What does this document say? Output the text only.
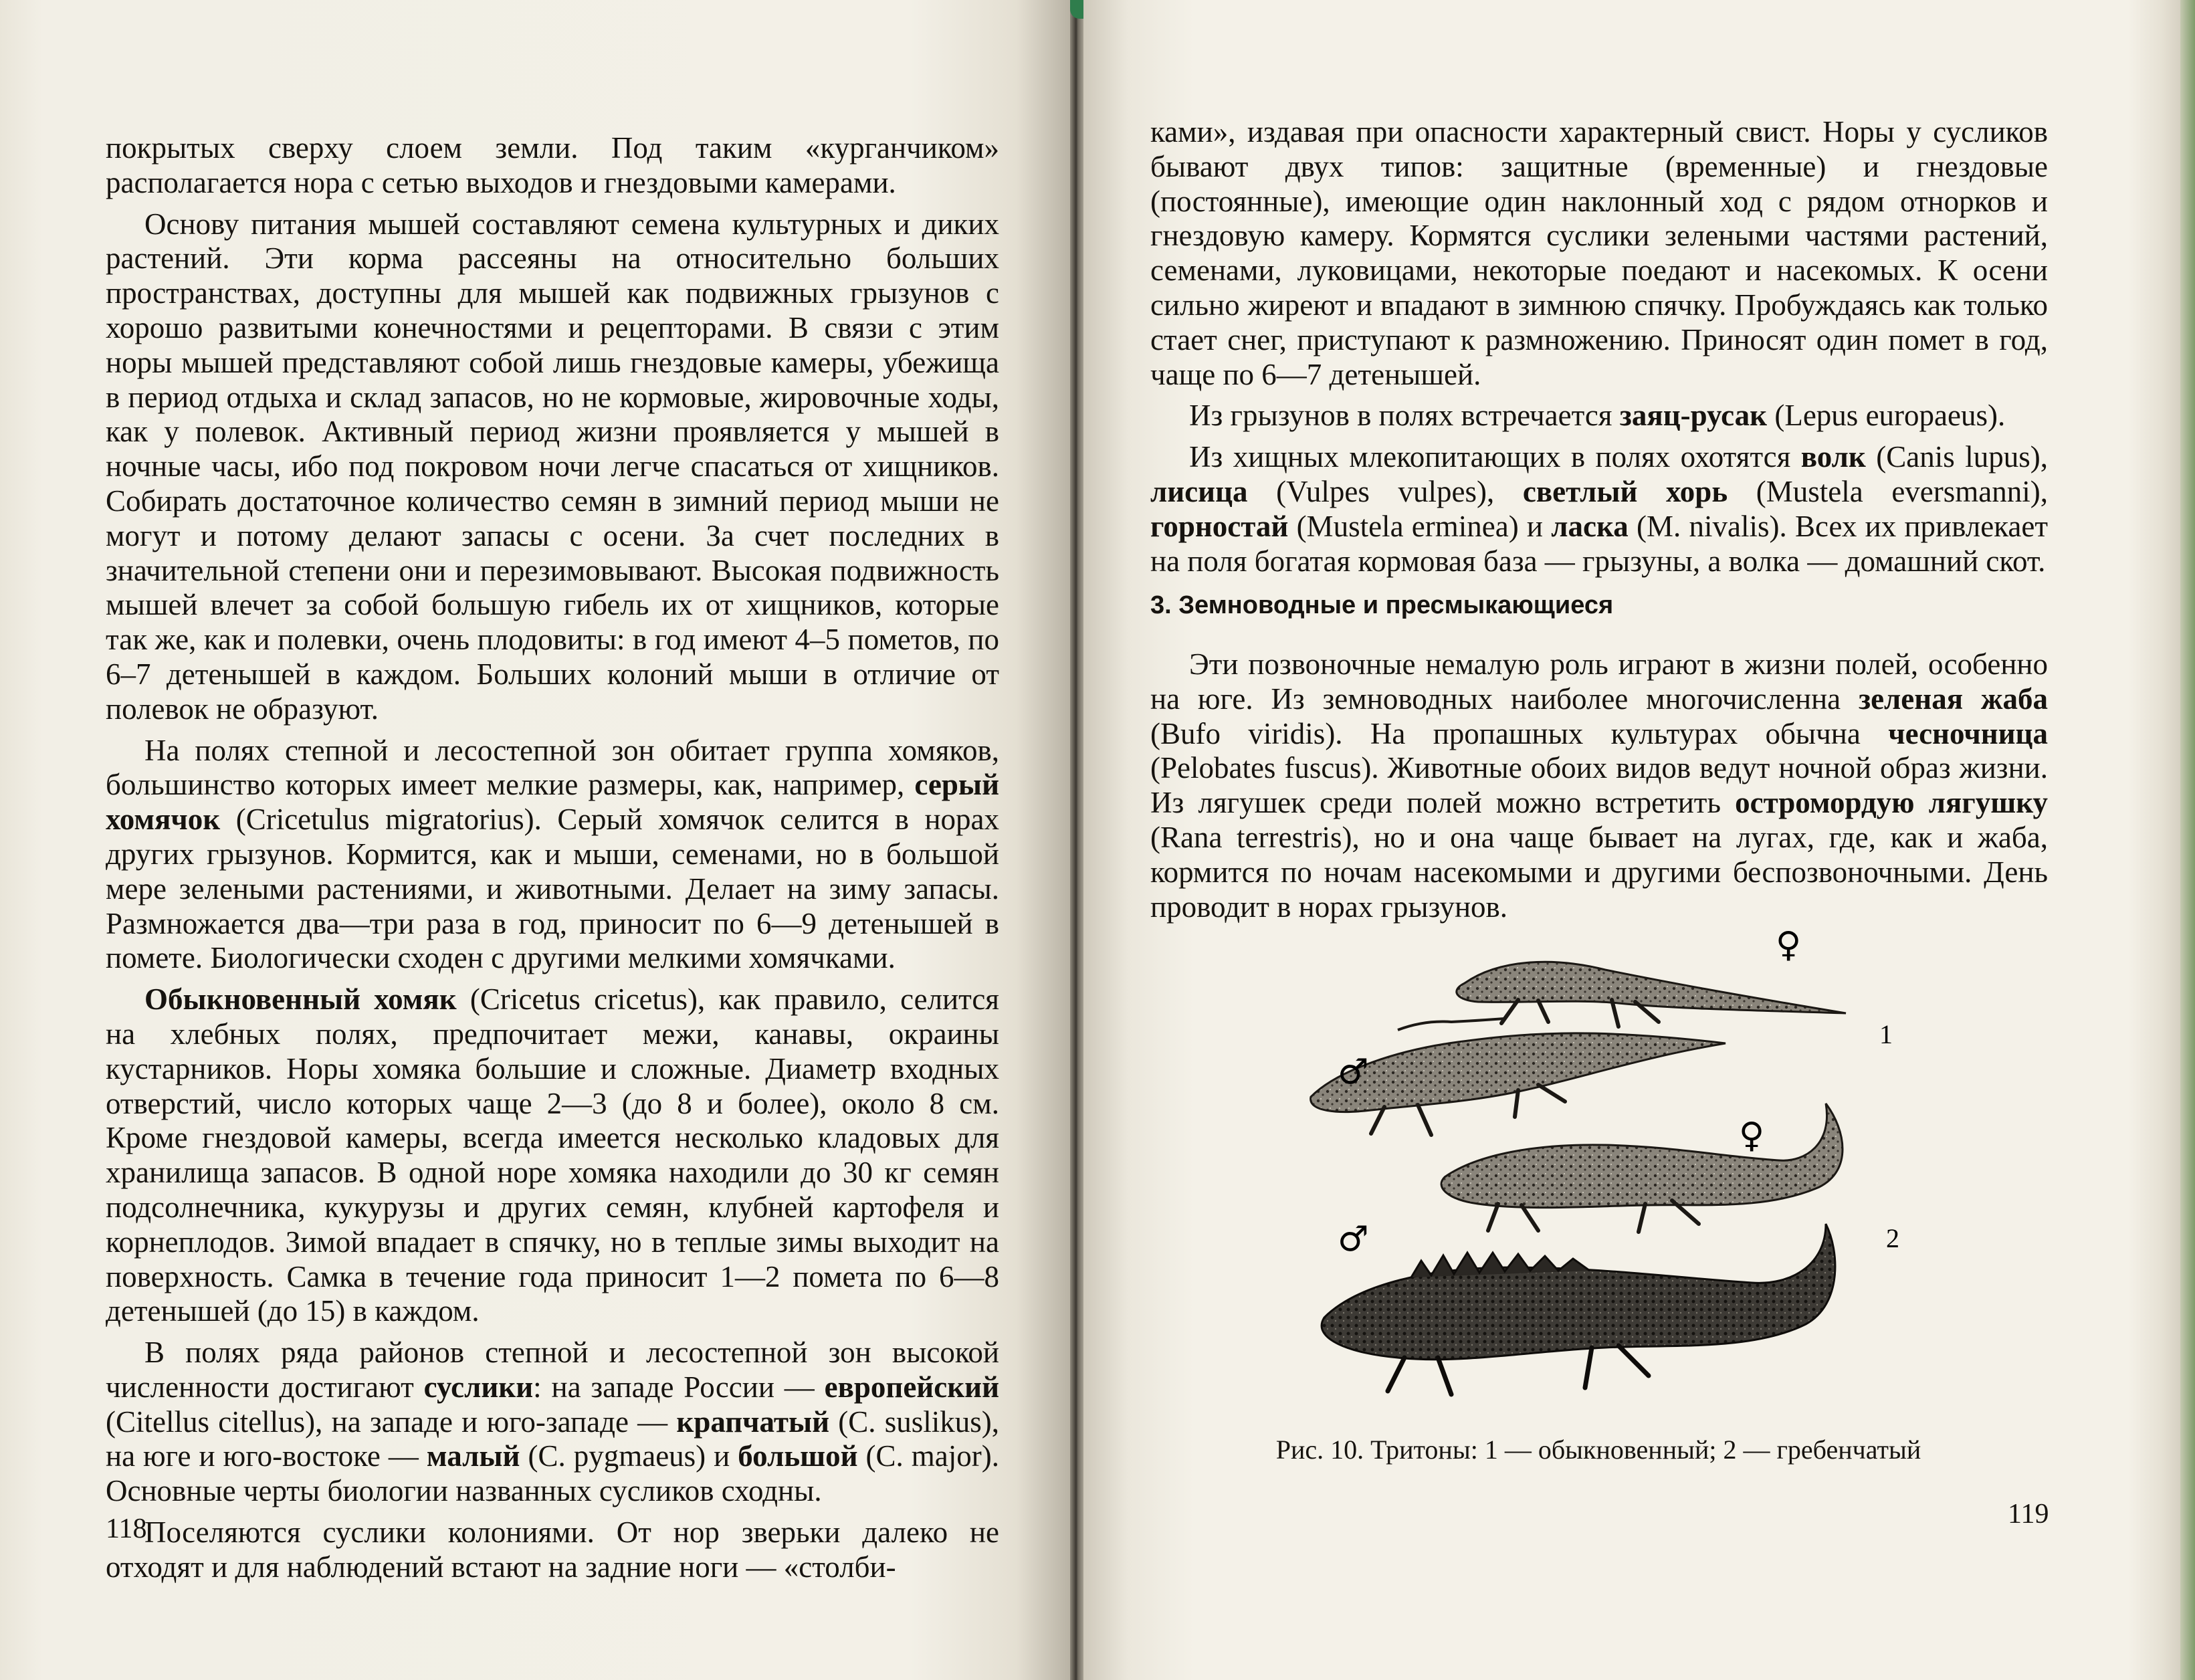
покрытых сверху слоем земли. Под таким «курганчиком» располагается нора с сетью выходов и гнездовыми камерами.

Основу питания мышей составляют семена культурных и диких растений. Эти корма рассеяны на относительно больших пространствах, доступны для мышей как подвижных грызунов с хорошо развитыми конечностями и рецепторами. В связи с этим норы мышей представляют собой лишь гнездовые камеры, убежища в период отдыха и склад запасов, но не кормовые, жировочные ходы, как у полевок. Активный период жизни проявляется у мышей в ночные часы, ибо под покровом ночи легче спасаться от хищников. Собирать достаточное количество семян в зимний период мыши не могут и потому делают запасы с осени. За счет последних в значительной степени они и перезимовывают. Высокая подвижность мышей влечет за собой большую гибель их от хищников, которые так же, как и полевки, очень плодовиты: в год имеют 4–5 пометов, по 6–7 детенышей в каждом. Больших колоний мыши в отличие от полевок не образуют.

На полях степной и лесостепной зон обитает группа хомяков, большинство которых имеет мелкие размеры, как, например, серый хомячок (Cricetulus migratorius). Серый хомячок селится в норах других грызунов. Кормится, как и мыши, семенами, но в большой мере зелеными растениями, и животными. Делает на зиму запасы. Размножается два—три раза в год, приносит по 6—9 детенышей в помете. Биологически сходен с другими мелкими хомячками.

Обыкновенный хомяк (Cricetus cricetus), как правило, селится на хлебных полях, предпочитает межи, канавы, окраины кустарников. Норы хомяка большие и сложные. Диаметр входных отверстий, число которых чаще 2—3 (до 8 и более), около 8 см. Кроме гнездовой камеры, всегда имеется несколько кладовых для хранилища запасов. В одной норе хомяка находили до 30 кг семян подсолнечника, кукурузы и других семян, клубней картофеля и корнеплодов. Зимой впадает в спячку, но в теплые зимы выходит на поверхность. Самка в течение года приносит 1—2 помета по 6—8 детенышей (до 15) в каждом.

В полях ряда районов степной и лесостепной зон высокой численности достигают суслики: на западе России — европейский (Citellus citellus), на западе и юго-западе — крапчатый (C. suslikus), на юге и юго-востоке — малый (C. pygmaeus) и большой (C. major). Основные черты биологии названных сусликов сходны.

Поселяются суслики колониями. От нор зверьки далеко не отходят и для наблюдений встают на задние ноги — «столби-

118

ками», издавая при опасности характерный свист. Норы у сусликов бывают двух типов: защитные (временные) и гнездовые (постоянные), имеющие один наклонный ход с рядом отнорков и гнездовую камеру. Кормятся суслики зелеными частями растений, семенами, луковицами, некоторые поедают и насекомых. К осени сильно жиреют и впадают в зимнюю спячку. Пробуждаясь как только стает снег, приступают к размножению. Приносят один помет в год, чаще по 6—7 детенышей.

Из грызунов в полях встречается заяц-русак (Lepus europaeus).

Из хищных млекопитающих в полях охотятся волк (Canis lupus), лисица (Vulpes vulpes), светлый хорь (Mustela eversmanni), горностай (Mustela erminea) и ласка (M. nivalis). Всех их привлекает на поля богатая кормовая база — грызуны, а волка — домашний скот.

3. Земноводные и пресмыкающиеся

Эти позвоночные немалую роль играют в жизни полей, особенно на юге. Из земноводных наиболее многочисленна зеленая жаба (Bufo viridis). На пропашных культурах обычна чесночница (Pelobates fuscus). Животные обоих видов ведут ночной образ жизни. Из лягушек среди полей можно встретить остромордую лягушку (Rana terrestris), но и она чаще бывает на лугах, где, как и жаба, кормится по ночам насекомыми и другими беспозвоночными. День проводит в норах грызунов.

♀
1
♂
♀
2
♂
Рис. 10. Тритоны: 1 — обыкновенный; 2 — гребенчатый
119
